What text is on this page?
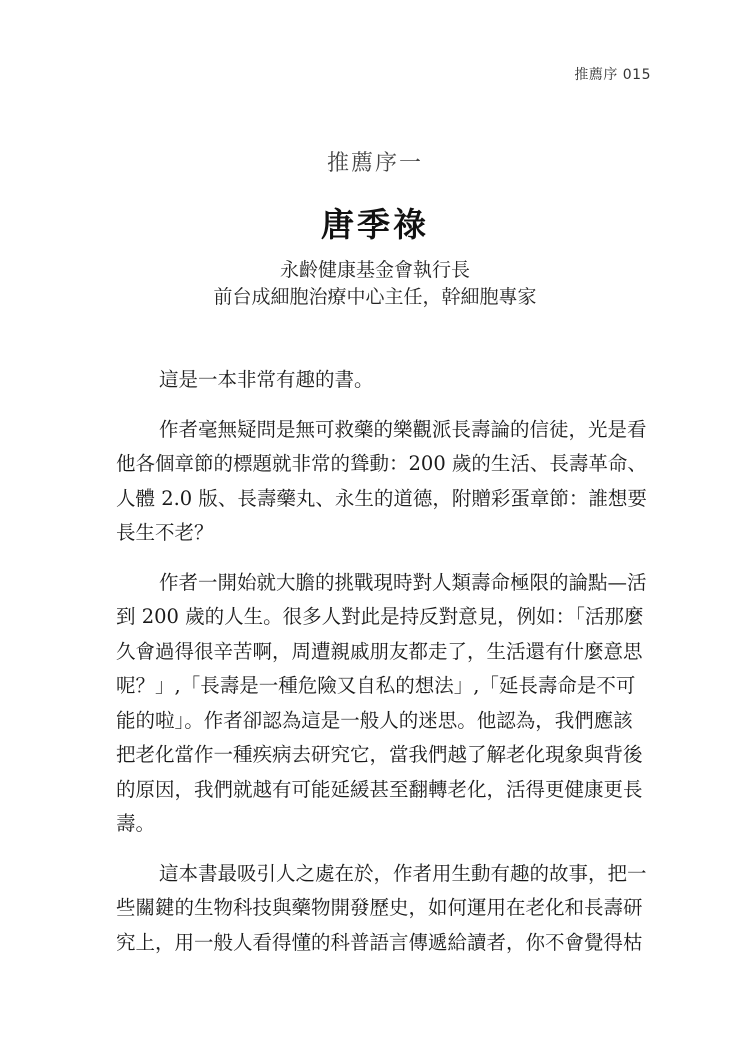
推薦序 015
推薦序一
唐季祿
永齡健康基金會執行長
前台成細胞治療中心主任，幹細胞專家

這是一本非常有趣的書。

作者毫無疑問是無可救藥的樂觀派長壽論的信徒，光是看
他各個章節的標題就非常的聳動：200 歲的生活、長壽革命、
人體 2.0 版、長壽藥丸、永生的道德，附贈彩蛋章節：誰想要
長生不老？

作者一開始就大膽的挑戰現時對人類壽命極限的論點—活
到 200 歲的人生。很多人對此是持反對意見，例如：「活那麼
久會過得很辛苦啊，周遭親戚朋友都走了，生活還有什麼意思
呢？」,「長壽是一種危險又自私的想法」,「延長壽命是不可
能的啦」。作者卻認為這是一般人的迷思。他認為，我們應該
把老化當作一種疾病去研究它，當我們越了解老化現象與背後
的原因，我們就越有可能延緩甚至翻轉老化，活得更健康更長
壽。

這本書最吸引人之處在於，作者用生動有趣的故事，把一
些關鍵的生物科技與藥物開發歷史，如何運用在老化和長壽研
究上，用一般人看得懂的科普語言傳遞給讀者，你不會覺得枯
